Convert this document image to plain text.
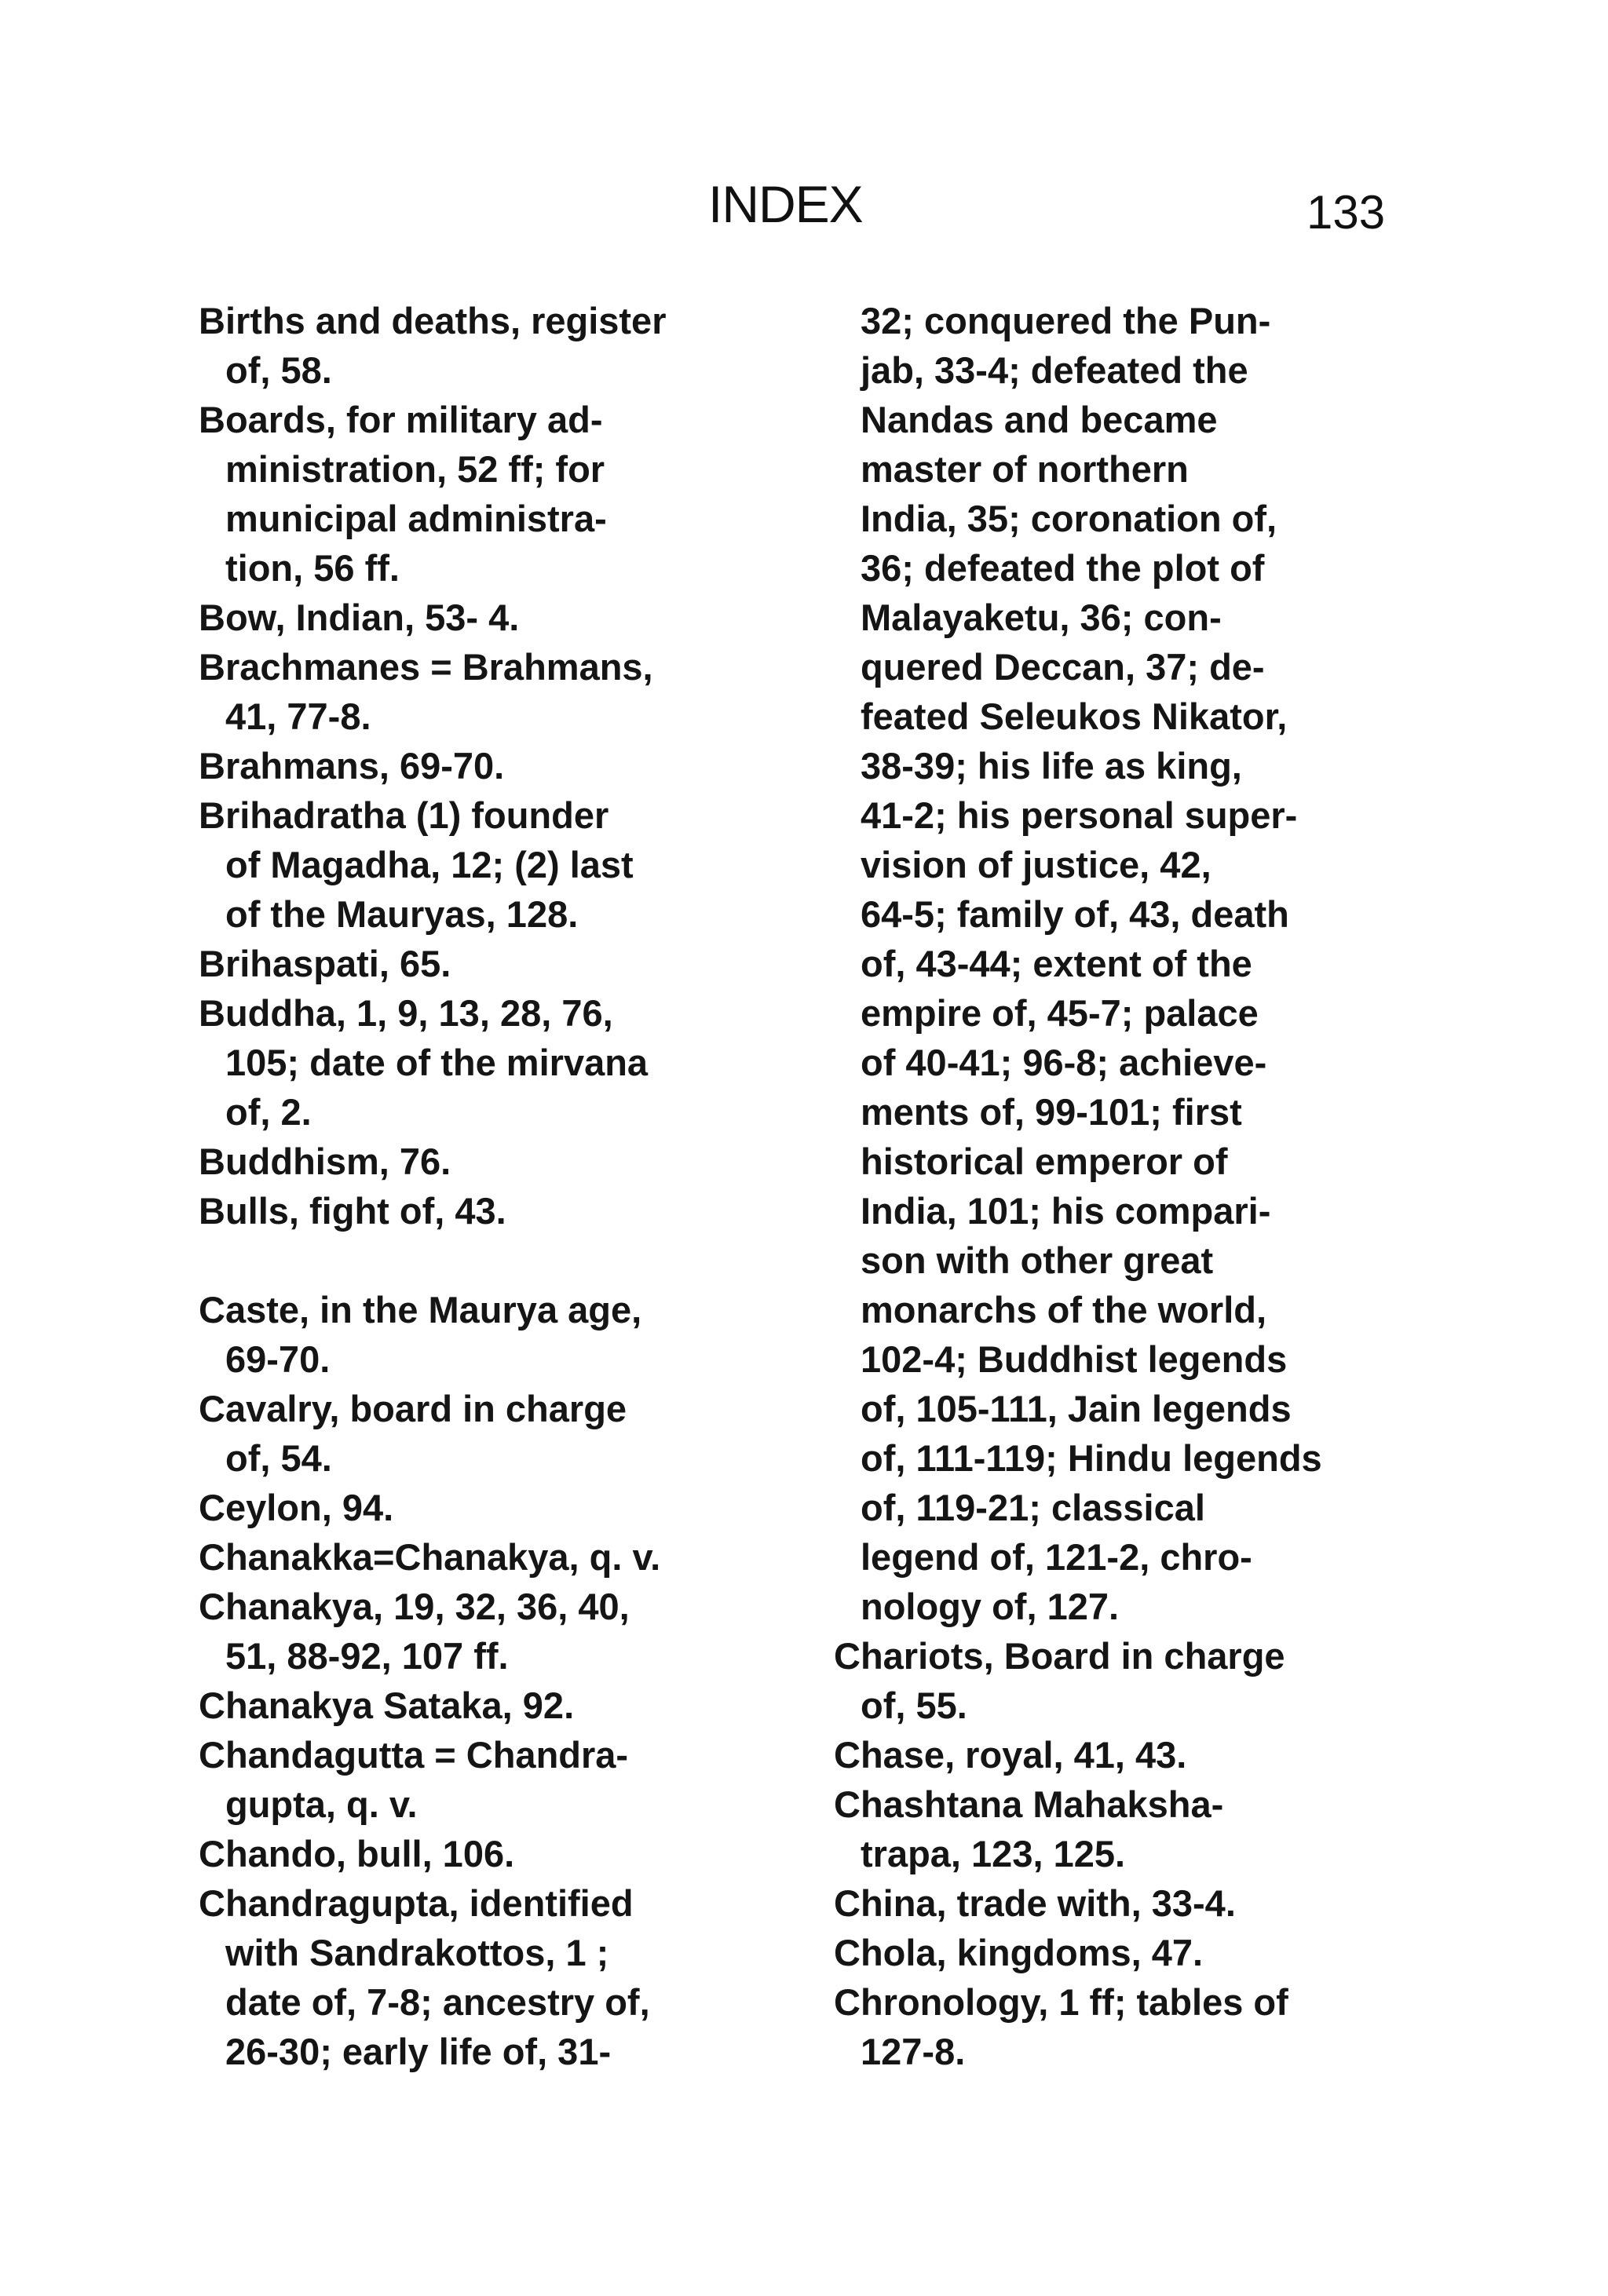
INDEX	133

Births and deaths, register
of, 58.

Boards, for military ad-
ministration, 52 ff; for
municipal administra-
tion, 56 ff.

Bow, Indian, 53- 4.

Brachmanes = Brahmans,
41, 77-8.

Brahmans, 69-70.

Brihadratha (1) founder
of Magadha, 12; (2) last
of the Mauryas, 128.

Brihaspati, 65.

Buddha, 1, 9, 13, 28, 76,
105; date of the mirvana
of, 2.

Buddhism, 76.

Bulls, fight of, 43.

Caste, in the Maurya age,
69-70.

Cavalry, board in charge
of, 54.

Ceylon, 94.

Chanakka=Chanakya, q. v.

Chanakya, 19, 32, 36, 40,
51, 88-92, 107 ff.

Chanakya Sataka, 92.

Chandagutta = Chandra-
gupta, q. v.

Chando, bull, 106.

Chandragupta, identified
with Sandrakottos, 1 ;
date of, 7-8; ancestry of,
26-30; early life of, 31-

32; conquered the Pun-
jab, 33-4; defeated the
Nandas and became
master of northern
India, 35; coronation of,
36; defeated the plot of
Malayaketu, 36; con-
quered Deccan, 37; de-
feated Seleukos Nikator,
38-39; his life as king,
41-2; his personal super-
vision of justice, 42,
64-5; family of, 43, death
of, 43-44; extent of the
empire of, 45-7; palace
of 40-41; 96-8; achieve-
ments of, 99-101; first
historical emperor of
India, 101; his compari-
son with other great
monarchs of the world,
102-4; Buddhist legends
of, 105-111, Jain legends
of, 111-119; Hindu legends
of, 119-21; classical
legend of, 121-2, chro-
nology of, 127.

Chariots, Board in charge
of, 55.

Chase, royal, 41, 43.

Chashtana Mahaksha-
trapa, 123, 125.

China, trade with, 33-4.

Chola, kingdoms, 47.

Chronology, 1 ff; tables of
127-8.
